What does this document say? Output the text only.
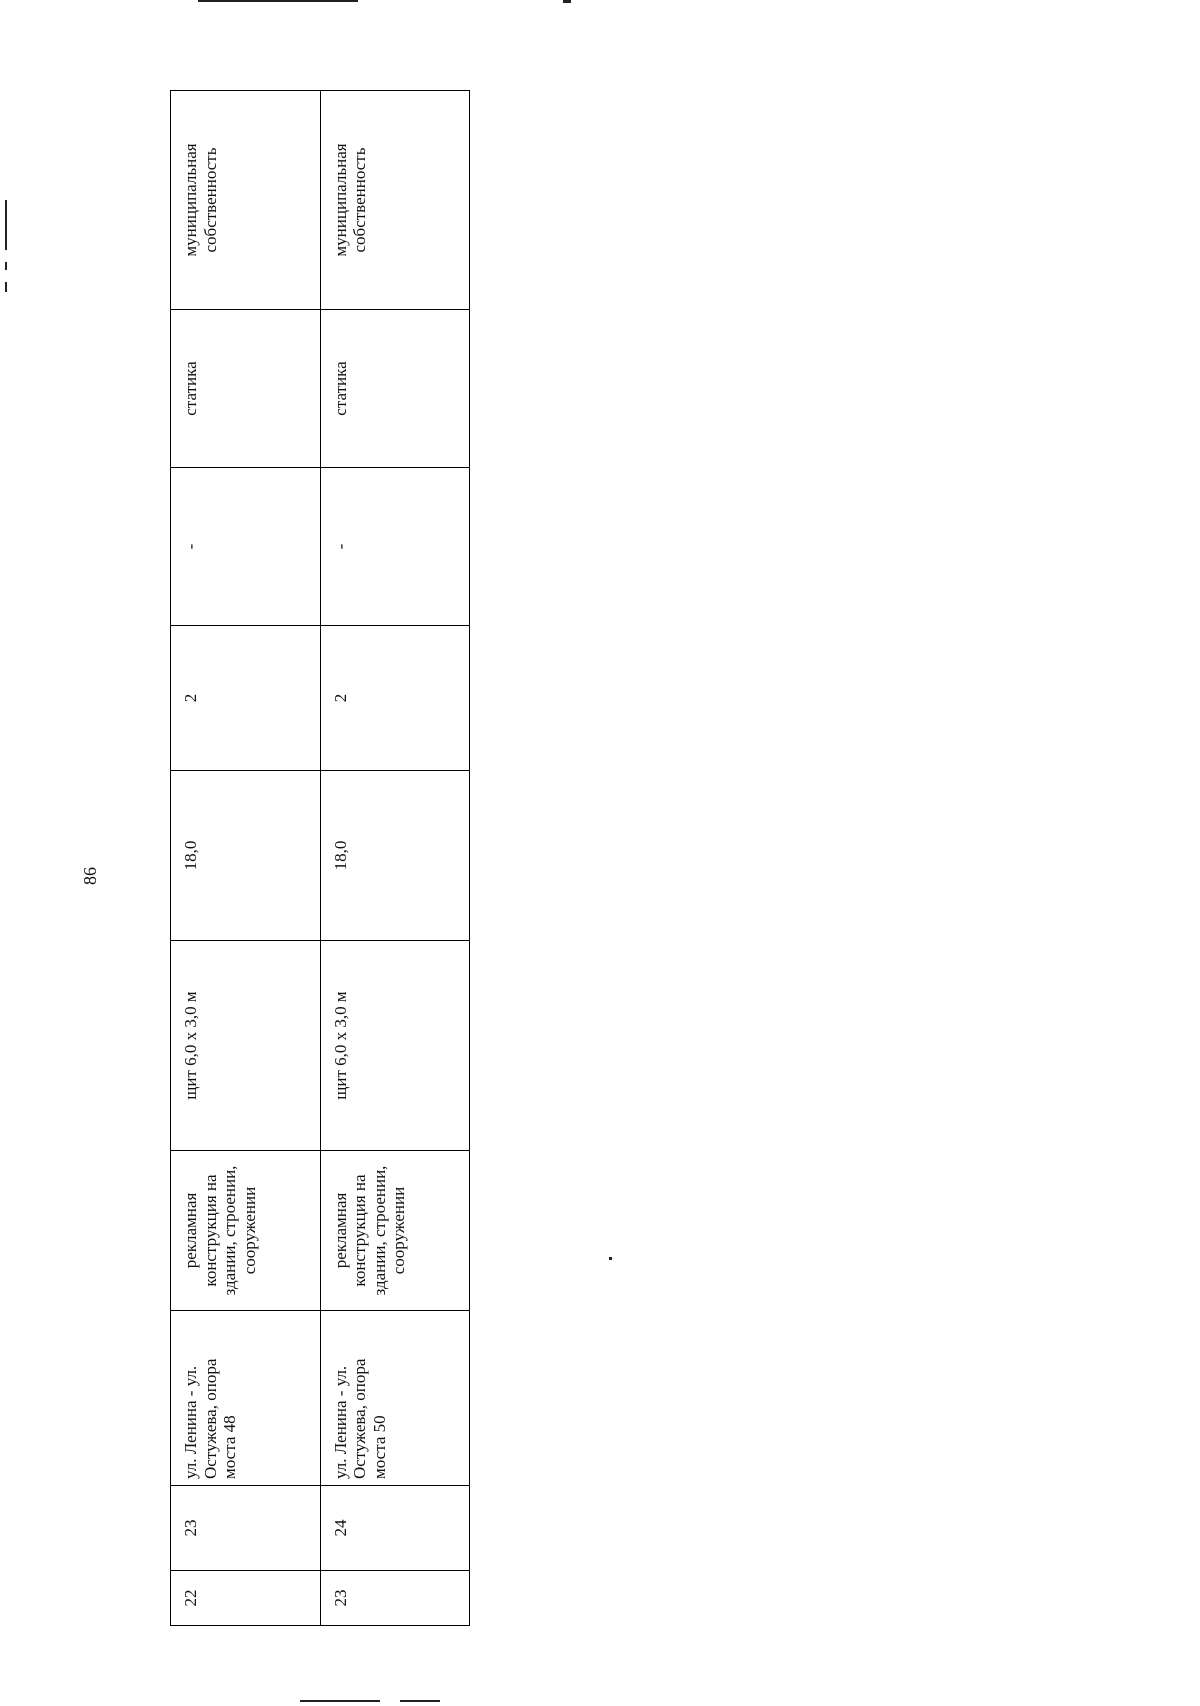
86
22	23	ул. Ленина - ул. Остужева, опора моста 48	рекламная конструкция на здании, строении, сооружении	щит 6,0 х 3,0 м	18,0	2	-	статика	муниципальная собственность
23	24	ул. Ленина - ул. Остужева, опора моста 50	рекламная конструкция на здании, строении, сооружении	щит 6,0 х 3,0 м	18,0	2	-	статика	муниципальная собственность
